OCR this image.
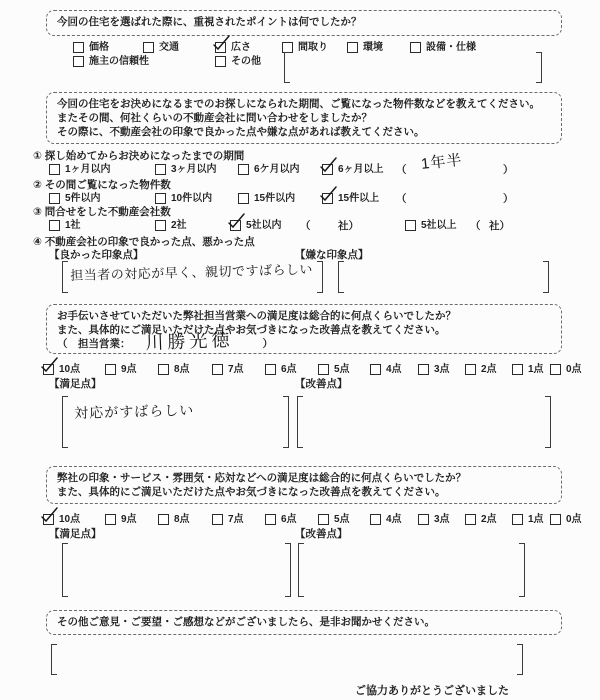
今回の住宅を選ばれた際に、重視されたポイントは何でしたか？
価格	交通	広さ	間取り	環境	設備・仕様
施主の信頼性	その他
今回の住宅をお決めになるまでのお探しになられた期間、ご覧になった物件数などを教えてください。
またその間、何社くらいの不動産会社に問い合わせをしましたか？
その際に、不動産会社の印象で良かった点や嫌な点があれば教えてください。
① 探し始めてからお決めになったまでの期間
1ヶ月以内	3ヶ月以内	6ケ月以内	6ヶ月以上 （ 1年半	）
② その間ご覧になった物件数
5件以内	10件以内	15件以内	15件以上 （	）
③ 問合せをした不動産会社数
1社	2社	5社以内 （	社）	5社以上 （ 社）
④ 不動産会社の印象で良かった点、悪かった点
【良かった印象点】	【嫌な印象点】
担当者の対応が早く、親切ですばらしい
お手伝いさせていただいた弊社担当営業への満足度は総合的に何点くらいでしたか？
また、具体的にご満足いただけた点やお気づきになった改善点を教えてください。
（　担当営業：	）
川勝光徳
10点	9点	8点	7点	6点	5点	4点	3点	2点	1点 0点
【満足点】	【改善点】
対応がすばらしい
弊社の印象・サービス・雰囲気・応対などへの満足度は総合的に何点くらいでしたか？
また、具体的にご満足いただけた点やお気づきになった改善点を教えてください。
10点	9点	8点	7点	6点	5点	4点	3点	2点	1点 0点
【満足点】	【改善点】
その他ご意見・ご要望・ご感想などがございましたら、是非お聞かせください。
ご協力ありがとうございました
